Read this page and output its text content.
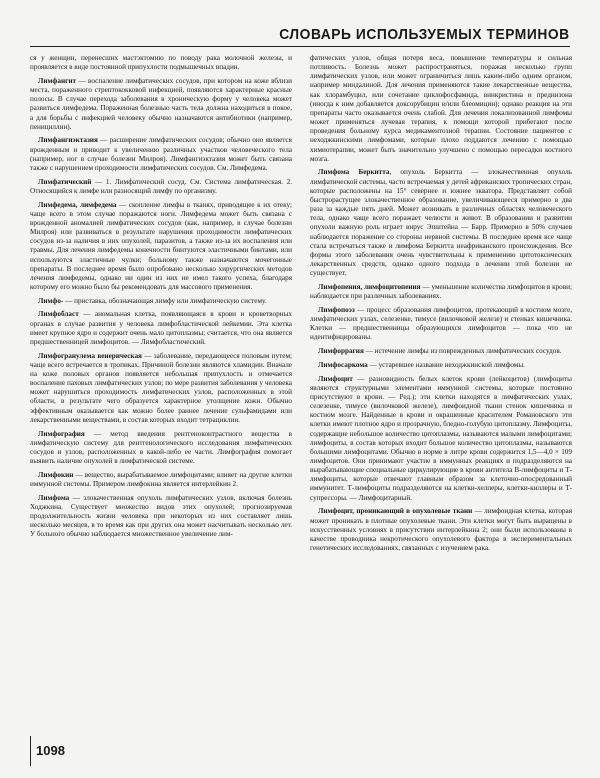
СЛОВАРЬ ИСПОЛЬЗУЕМЫХ ТЕРМИНОВ

ся у женщин, перенесших мастэктомию по поводу рака молочной железы, и проявляется в виде постоянной припухлости подмышечных впадин.

Лимфангит — воспаление лимфатических сосудов, при котором на коже вблизи места, пораженного стрептококковой инфекцией, появляются характерные красные полосы. В случае перехода заболевания в хроническую форму у человека может развиться лимфедема. Пораженная болезнью часть тела должна находиться в покое, а для борьбы с инфекцией человеку обычно назначаются антибиотики (например, пенициллин).

Лимфангиэктазия — расширение лимфатических сосудов; обычно оно является врожденным и приводит к увеличению различных участков человеческого тела (например, ног в случае болезни Милроя). Лимфангиэктазия может быть связана также с нарушением проходимости лимфатических сосудов. См. Лимфедема.

Лимфатический — 1. Лимфатический сосуд. См. Система лимфатическая. 2. Относящийся к лимфе или разносящий лимфу по организму.

Лимфедема, лимфедема — скопление лимфы в тканях, приводящее к их отеку; чаще всего в этом случае поражаются ноги. Лимфедема может быть связана с врожденной аномалией лимфатических сосудов (как, например, в случае болезни Милроя) или развиваться в результате нарушения проходимости лимфатических сосудов из-за наличия в них опухолей, паразитов, а также из-за их воспаления или травмы. Для лечения лимфедемы конечности бинтуются эластичными бинтами, или используются эластичные чулки; больному также назначаются мочегонные препараты. В последнее время было опробовано несколько хирургических методов лечения лимфедемы, однако ни один из них не имел такого успеха, благодаря которому его можно было бы рекомендовать для массового применения.

Лимфо- — приставка, обозначающая лимфу или лимфатическую систему.

Лимфобласт — аномальная клетка, появляющаяся в крови и кроветворных органах в случае развития у человека лимфобластической лейкемии. Эта клетка имеет крупное ядро и содержит очень мало цитоплазмы; считается, что она является предшественницей лимфоцитов. — Лимфобластический.

Лимфогранулема венерическая — заболевание, передающееся половым путем; чаще всего встречается в тропиках. Причиной болезни являются хламидии. Вначале на коже половых органов появляется небольшая припухлость и отмечается воспаление паховых лимфатических узлов; по мере развития заболевания у человека может нарушиться проходимость лимфатических узлов, расположенных в этой области, в результате чего образуется характерное утолщение кожи. Обычно эффективным оказывается как можно более раннее лечение сульфамидами или лекарственными веществами, в состав которых входит тетрациклин.

Лимфография — метод введения рентгеноконтрастного вещества в лимфатическую систему для рентгенологического исследования лимфатических сосудов и узлов, расположенных в какой-либо ее части. Лимфография помогает выявить наличие опухолей в лимфатической системе.

Лимфокин — вещество, вырабатываемое лимфоцитами; влияет на другие клетки иммунной системы. Примером лимфокина является интерлейкин 2.

Лимфома — злокачественная опухоль лимфатических узлов, включая болезнь Ходжкина. Существует множество видов этих опухолей; прогнозируемая продолжительность жизни человека при некоторых из них составляет лишь несколько месяцев, в то время как при других она может насчитывать несколько лет. У больного обычно наблюдается множественное увеличение лим-

фатических узлов, общая потеря веса, повышение температуры и сильная потливость. Болезнь может распространяться, поражая несколько групп лимфатических узлов, или может ограничиться лишь каким-либо одним органом, например миндалиной. Для лечения применяются такие лекарственные вещества, как хлорамбуцил, или сочетание циклофосфамида, винкристина и преднизона (иногда к ним добавляется доксорубицин и/или блеомицин); однако реакция на эти препараты часто оказывается очень слабой. Для лечения локализованной лимфомы может применяться лучевая терапия, к помощи которой прибегают после проведения больному курса медикаментозной терапии. Состояние пациентов с неходжкинскими лимфомами, которые плохо поддаются лечению с помощью химиотерапии, может быть значительно улучшено с помощью пересадки костного мозга.

Лимфома Беркитта, опухоль Беркитта — злокачественная опухоль лимфатической системы, часто встречаемая у детей африканских тропических стран, которые расположены на 15° севернее и южнее экватора. Представляет собой быстрорастущее злокачественное образование, увеличивающееся примерно в два раза за каждые пять дней. Может возникать в различных областях человеческого тела, однако чаще всего поражает челюсти и живот. В образовании и развитии опухоли важную роль играет вирус Эпштейна — Барр. Примерно в 50% случаев наблюдается поражение со стороны нервной системы. В последнее время все чаще стала встречаться также и лимфома Беркитта неафриканского происхождения. Все формы этого заболевания очень чувствительны к применению цитотоксических лекарственных средств, однако одного подхода в лечении этой болезни не существует.

Лимфопения, лимфоцитопения — уменьшение количества лимфоцитов в крови; наблюдается при различных заболеваниях.

Лимфопоэз — процесс образования лимфоцитов, протекающий в костном мозге, лимфатических узлах, селезенке, тимусе (вилочковой железе) и стенках кишечника. Клетки — предшественницы образующихся лимфоцитов — пока что не идентифицированы.

Лимфоррагия — истечение лимфы из поврежденных лимфатических сосудов.

Лимфосаркома — устаревшее название неходжкинской лимфомы.

Лимфоцит — разновидность белых клеток крови (лейкоцитов) (лимфоциты являются структурными элементами иммунной системы, которые постоянно присутствуют в крови. — Ред.); эти клетки находятся в лимфатических узлах, селезенке, тимусе (вилочковой железе), лимфоидной ткани стенок кишечника и костном мозге. Найденные в крови и окрашенные красителем Романовского эти клетки имеют плотное ядро и прозрачную, бледно-голубую цитоплазму. Лимфоциты, содержащие небольшое количество цитоплазмы, называются малыми лимфоцитами; лимфоциты, в состав которых входит большое количество цитоплазмы, называются большими лимфоцитами. Обычно в норме в литре крови содержится 1,5—4,0 × 109 лимфоцитов. Они принимают участие в иммунных реакциях и подразделяются на вырабатывающие специальные циркулирующие в крови антитела В-лимфоциты и Т-лимфоциты, которые отвечают главным образом за клеточно-опосредованный иммунитет. Т-лимфоциты подразделяются на клетки-хелперы, клетки-киллеры и Т-супрессоры. — Лимфоцитарный.

Лимфоцит, проникающий в опухолевые ткани — лимфоидная клетка, которая может проникать в плотные опухолевые ткани. Эти клетки могут быть выращены в искусственных условиях в присутствии интерлейкина 2; они были использованы в качестве проводника некротического опухолевого фактора в экспериментальных генетических исследованиях, связанных с изучением рака.

1098
